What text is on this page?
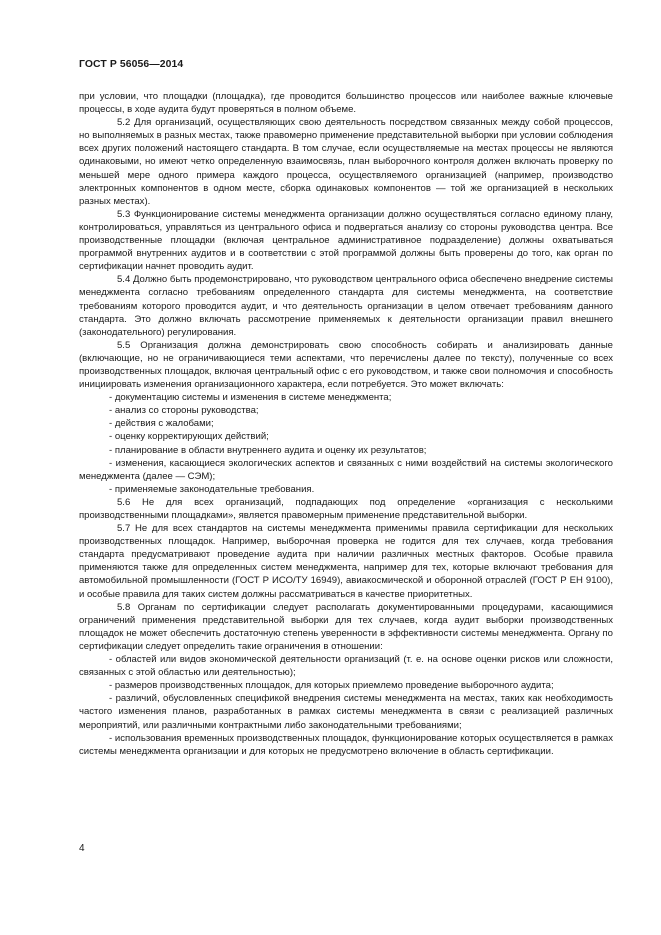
ГОСТ Р 56056—2014

при условии, что площадки (площадка), где проводится большинство процессов или наиболее важные ключевые процессы, в ходе аудита будут проверяться в полном объеме.

5.2 Для организаций, осуществляющих свою деятельность посредством связанных между собой процессов, но выполняемых в разных местах, также правомерно применение представительной выборки при условии соблюдения всех других положений настоящего стандарта. В том случае, если осуществляемые на местах процессы не являются одинаковыми, но имеют четко определенную взаимосвязь, план выборочного контроля должен включать проверку по меньшей мере одного примера каждого процесса, осуществляемого организацией (например, производство электронных компонентов в одном месте, сборка одинаковых компонентов — той же организацией в нескольких разных местах).

5.3 Функционирование системы менеджмента организации должно осуществляться согласно единому плану, контролироваться, управляться из центрального офиса и подвергаться анализу со стороны руководства центра. Все производственные площадки (включая центральное административное подразделение) должны охватываться программой внутренних аудитов и в соответствии с этой программой должны быть проверены до того, как орган по сертификации начнет проводить аудит.

5.4 Должно быть продемонстрировано, что руководством центрального офиса обеспечено внедрение системы менеджмента согласно требованиям определенного стандарта для системы менеджмента, на соответствие требованиям которого проводится аудит, и что деятельность организации в целом отвечает требованиям данного стандарта. Это должно включать рассмотрение применяемых к деятельности организации правил внешнего (законодательного) регулирования.

5.5 Организация должна демонстрировать свою способность собирать и анализировать данные (включающие, но не ограничивающиеся теми аспектами, что перечислены далее по тексту), полученные со всех производственных площадок, включая центральный офис с его руководством, и также свои полномочия и способность инициировать изменения организационного характера, если потребуется. Это может включать:

- документацию системы и изменения в системе менеджмента;

- анализ со стороны руководства;

- действия с жалобами;

- оценку корректирующих действий;

- планирование в области внутреннего аудита и оценку их результатов;

- изменения, касающиеся экологических аспектов и связанных с ними воздействий на системы экологического менеджмента (далее — СЭМ);

- применяемые законодательные требования.

5.6 Не для всех организаций, подпадающих под определение «организация с несколькими производственными площадками», является правомерным применение представительной выборки.

5.7 Не для всех стандартов на системы менеджмента применимы правила сертификации для нескольких производственных площадок. Например, выборочная проверка не годится для тех случаев, когда требования стандарта предусматривают проведение аудита при наличии различных местных факторов. Особые правила применяются также для определенных систем менеджмента, например для тех, которые включают требования для автомобильной промышленности (ГОСТ Р ИСО/ТУ 16949), авиакосмической и оборонной отраслей (ГОСТ Р ЕН 9100), и особые правила для таких систем должны рассматриваться в качестве приоритетных.

5.8 Органам по сертификации следует располагать документированными процедурами, касающимися ограничений применения представительной выборки для тех случаев, когда аудит выборки производственных площадок не может обеспечить достаточную степень уверенности в эффективности системы менеджмента. Органу по сертификации следует определить такие ограничения в отношении:

- областей или видов экономической деятельности организаций (т. е. на основе оценки рисков или сложности, связанных с этой областью или деятельностью);

- размеров производственных площадок, для которых приемлемо проведение выборочного аудита;

- различий, обусловленных спецификой внедрения системы менеджмента на местах, таких как необходимость частого изменения планов, разработанных в рамках системы менеджмента в связи с реализацией различных мероприятий, или различными контрактными либо законодательными требованиями;

- использования временных производственных площадок, функционирование которых осуществляется в рамках системы менеджмента организации и для которых не предусмотрено включение в область сертификации.

4
